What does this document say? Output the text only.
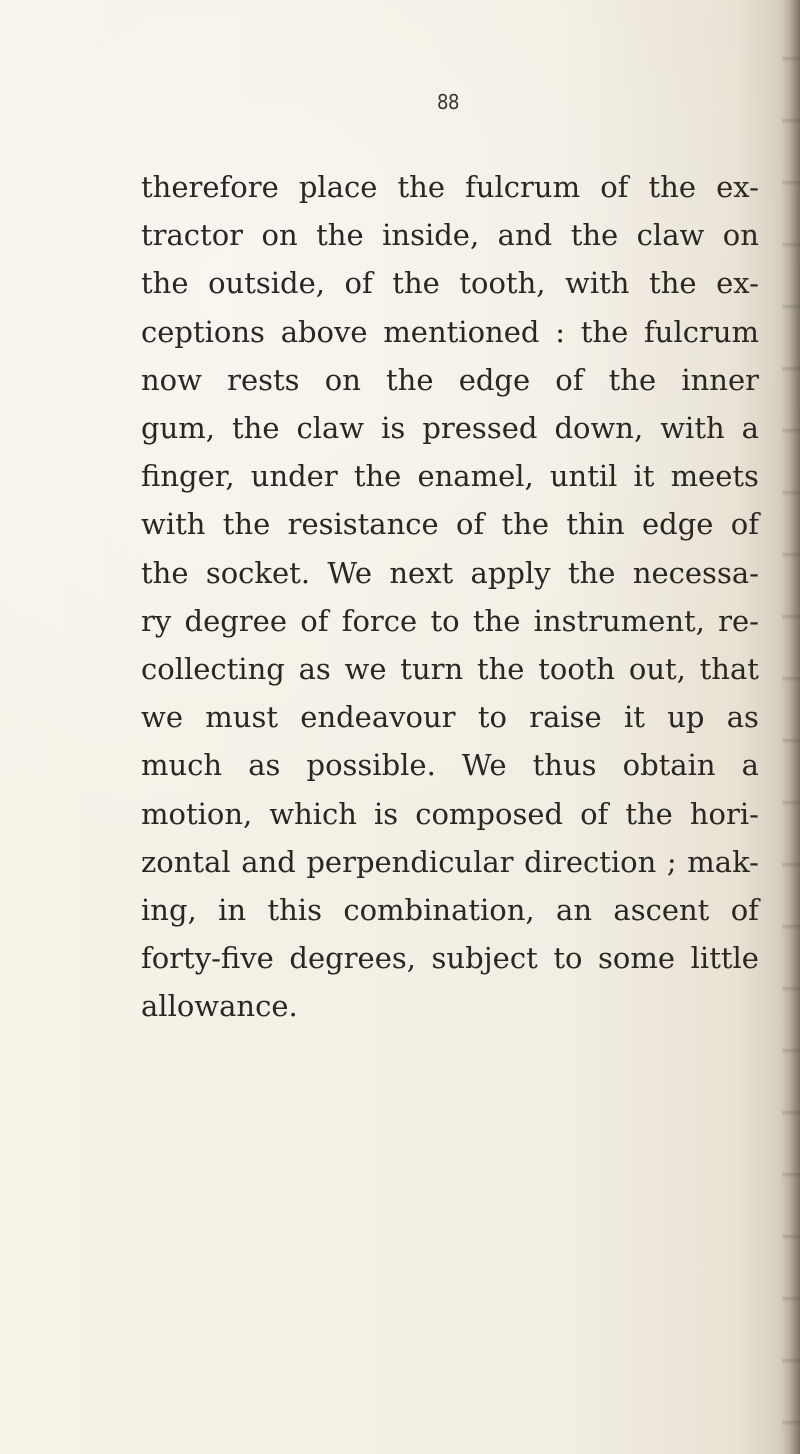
88
therefore place the fulcrum of the ex-
tractor on the inside, and the claw on
the outside, of the tooth, with the ex-
ceptions above mentioned : the fulcrum
now rests on the edge of the inner
gum, the claw is pressed down, with a
finger, under the enamel, until it meets
with the resistance of the thin edge of
the socket. We next apply the necessa-
ry degree of force to the instrument, re-
collecting as we turn the tooth out, that
we must endeavour to raise it up as
much as possible. We thus obtain a
motion, which is composed of the hori-
zontal and perpendicular direction ; mak-
ing, in this combination, an ascent of
forty-five degrees, subject to some little
allowance.
